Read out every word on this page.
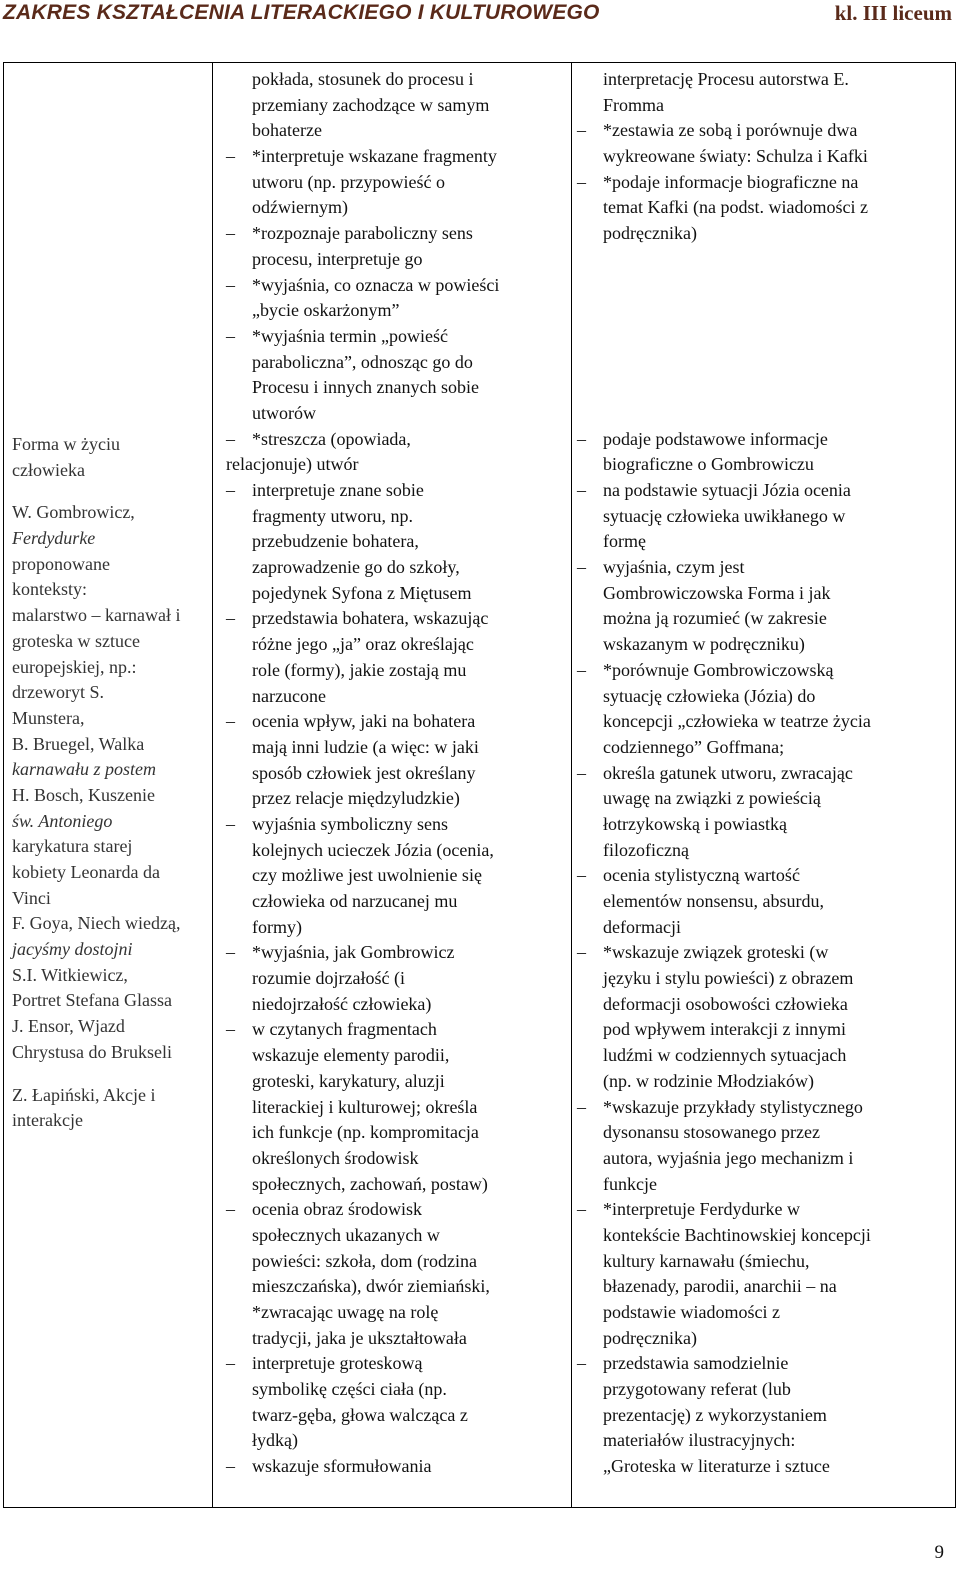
ZAKRES KSZTAŁCENIA LITERACKIEGO I KULTUROWEGO	kl. III liceum
Forma w życiu
człowieka
W. Gombrowicz,
Ferdydurke
proponowane
konteksty:
malarstwo – karnawał i
groteska w sztuce
europejskiej, np.:
drzeworyt S.
Munstera,
B. Bruegel, Walka
karnawału z postem
H. Bosch, Kuszenie
św. Antoniego
karykatura starej
kobiety Leonarda da
Vinci
F. Goya, Niech wiedzą,
jacyśmy dostojni
S.I. Witkiewicz,
Portret Stefana Glassa
J. Ensor, Wjazd
Chrystusa do Brukseli
Z. Łapiński, Akcje i
interakcje
pokłada, stosunek do procesu i
przemiany zachodzące w samym
bohaterze
– *interpretuje wskazane fragmenty
utworu (np. przypowieść o
odźwiernym)
– *rozpoznaje paraboliczny sens
procesu, interpretuje go
– *wyjaśnia, co oznacza w powieści
„bycie oskarżonym”
– *wyjaśnia termin „powieść
paraboliczna”, odnosząc go do
Procesu i innych znanych sobie
utworów
– *streszcza (opowiada,
relacjonuje) utwór
– interpretuje znane sobie
fragmenty utworu, np.
przebudzenie bohatera,
zaprowadzenie go do szkoły,
pojedynek Syfona z Miętusem
– przedstawia bohatera, wskazując
różne jego „ja” oraz określając
role (formy), jakie zostają mu
narzucone
– ocenia wpływ, jaki na bohatera
mają inni ludzie (a więc: w jaki
sposób człowiek jest określany
przez relacje międzyludzkie)
– wyjaśnia symboliczny sens
kolejnych ucieczek Józia (ocenia,
czy możliwe jest uwolnienie się
człowieka od narzucanej mu
formy)
– *wyjaśnia, jak Gombrowicz
rozumie dojrzałość (i
niedojrzałość człowieka)
– w czytanych fragmentach
wskazuje elementy parodii,
groteski, karykatury, aluzji
literackiej i kulturowej; określa
ich funkcje (np. kompromitacja
określonych środowisk
społecznych, zachowań, postaw)
– ocenia obraz środowisk
społecznych ukazanych w
powieści: szkoła, dom (rodzina
mieszczańska), dwór ziemiański,
*zwracając uwagę na rolę
tradycji, jaka je ukształtowała
– interpretuje groteskową
symbolikę części ciała (np.
twarz-gęba, głowa walcząca z
łydką)
– wskazuje sformułowania
interpretację Procesu autorstwa E.
Fromma
– *zestawia ze sobą i porównuje dwa
wykreowane światy: Schulza i Kafki
– *podaje informacje biograficzne na
temat Kafki (na podst. wiadomości z
podręcznika)
– podaje podstawowe informacje
biograficzne o Gombrowiczu
– na podstawie sytuacji Józia ocenia
sytuację człowieka uwikłanego w
formę
– wyjaśnia, czym jest
Gombrowiczowska Forma i jak
można ją rozumieć (w zakresie
wskazanym w podręczniku)
– *porównuje Gombrowiczowską
sytuację człowieka (Józia) do
koncepcji „człowieka w teatrze życia
codziennego” Goffmana;
– określa gatunek utworu, zwracając
uwagę na związki z powieścią
łotrzykowską i powiastką
filozoficzną
– ocenia stylistyczną wartość
elementów nonsensu, absurdu,
deformacji
– *wskazuje związek groteski (w
języku i stylu powieści) z obrazem
deformacji osobowości człowieka
pod wpływem interakcji z innymi
ludźmi w codziennych sytuacjach
(np. w rodzinie Młodziaków)
– *wskazuje przykłady stylistycznego
dysonansu stosowanego przez
autora, wyjaśnia jego mechanizm i
funkcje
– *interpretuje Ferdydurke w
kontekście Bachtinowskiej koncepcji
kultury karnawału (śmiechu,
błazenady, parodii, anarchii – na
podstawie wiadomości z
podręcznika)
– przedstawia samodzielnie
przygotowany referat (lub
prezentację) z wykorzystaniem
materiałów ilustracyjnych:
„Groteska w literaturze i sztuce
9
